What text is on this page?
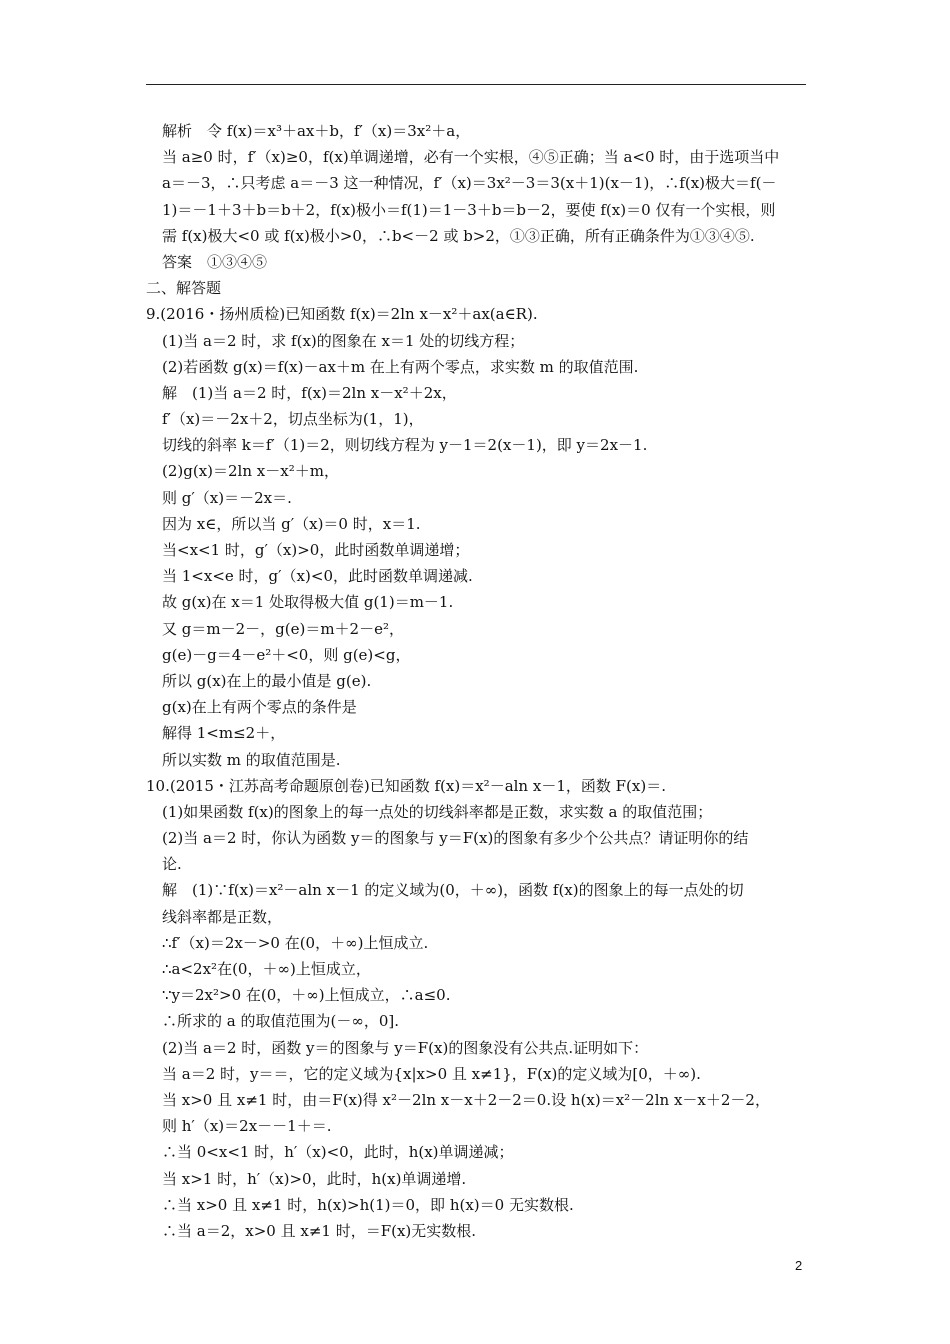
解析　令 f(x)＝x³＋ax＋b，f′（x)＝3x²＋a，
当 a≥0 时，f′（x)≥0，f(x)单调递增，必有一个实根，④⑤正确；当 a<0 时，由于选项当中
a＝－3，∴只考虑 a＝－3 这一种情况，f′（x)＝3x²－3＝3(x＋1)(x－1)，∴f(x)极大＝f(－
1)＝－1＋3＋b＝b＋2，f(x)极小＝f(1)＝1－3＋b＝b－2，要使 f(x)＝0 仅有一个实根，则
需 f(x)极大<0 或 f(x)极小>0，∴b<－2 或 b>2，①③正确，所有正确条件为①③④⑤.
答案　①③④⑤
二、解答题
9.(2016・扬州质检)已知函数 f(x)＝2ln x－x²＋ax(a∈R).
(1)当 a＝2 时，求 f(x)的图象在 x＝1 处的切线方程；
(2)若函数 g(x)＝f(x)－ax＋m 在上有两个零点，求实数 m 的取值范围.
解　(1)当 a＝2 时，f(x)＝2ln x－x²＋2x，
f′（x)＝－2x＋2，切点坐标为(1，1)，
切线的斜率 k＝f′（1)＝2，则切线方程为 y－1＝2(x－1)，即 y＝2x－1.
(2)g(x)＝2ln x－x²＋m，
则 g′（x)＝－2x＝.
因为 x∈，所以当 g′（x)＝0 时，x＝1.
当<x<1 时，g′（x)>0，此时函数单调递增；
当 1<x<e 时，g′（x)<0，此时函数单调递减.
故 g(x)在 x＝1 处取得极大值 g(1)＝m－1.
又 g＝m－2－，g(e)＝m＋2－e²，
g(e)－g＝4－e²＋<0，则 g(e)<g，
所以 g(x)在上的最小值是 g(e).
g(x)在上有两个零点的条件是
解得 1<m≤2＋，
所以实数 m 的取值范围是.
10.(2015・江苏高考命题原创卷)已知函数 f(x)＝x²－aln x－1，函数 F(x)＝.
(1)如果函数 f(x)的图象上的每一点处的切线斜率都是正数，求实数 a 的取值范围；
(2)当 a＝2 时，你认为函数 y＝的图象与 y＝F(x)的图象有多少个公共点？请证明你的结
论.
解　(1)∵f(x)＝x²－aln x－1 的定义域为(0，＋∞)，函数 f(x)的图象上的每一点处的切
线斜率都是正数，
∴f′（x)＝2x－>0 在(0，＋∞)上恒成立.
∴a<2x²在(0，＋∞)上恒成立，
∵y＝2x²>0 在(0，＋∞)上恒成立，∴a≤0.
∴所求的 a 的取值范围为(－∞，0].
(2)当 a＝2 时，函数 y＝的图象与 y＝F(x)的图象没有公共点.证明如下：
当 a＝2 时，y＝＝，它的定义域为{x|x>0 且 x≠1}，F(x)的定义域为[0，＋∞).
当 x>0 且 x≠1 时，由＝F(x)得 x²－2ln x－x＋2－2＝0.设 h(x)＝x²－2ln x－x＋2－2，
则 h′（x)＝2x－－1＋＝.
∴当 0<x<1 时，h′（x)<0，此时，h(x)单调递减；
当 x>1 时，h′（x)>0，此时，h(x)单调递增.
∴当 x>0 且 x≠1 时，h(x)>h(1)＝0，即 h(x)＝0 无实数根.
∴当 a＝2，x>0 且 x≠1 时，＝F(x)无实数根.
2
